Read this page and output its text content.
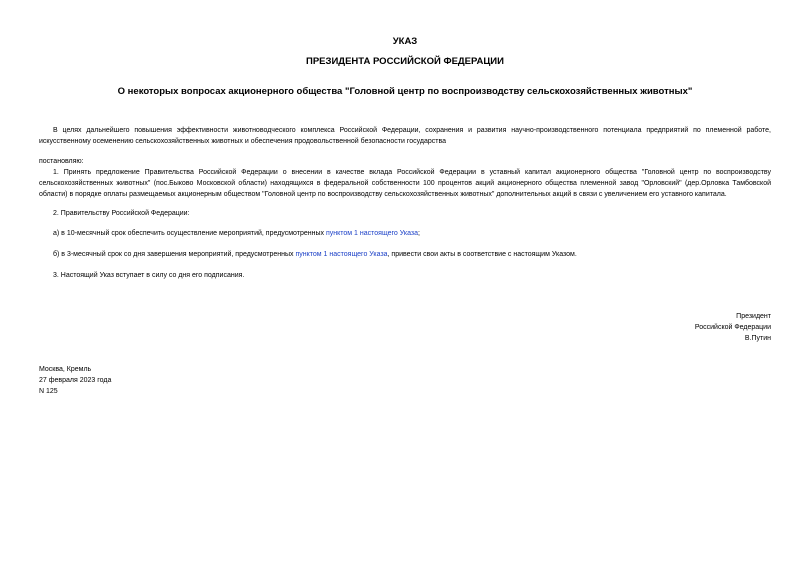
УКАЗ
ПРЕЗИДЕНТА РОССИЙСКОЙ ФЕДЕРАЦИИ
О некоторых вопросах акционерного общества "Головной центр по воспроизводству сельскохозяйственных животных"
В целях дальнейшего повышения эффективности животноводческого комплекса Российской Федерации, сохранения и развития научно-производственного потенциала предприятий по племенной работе, искусственному осеменению сельскохозяйственных животных и обеспечения продовольственной безопасности государства
постановляю:
1. Принять предложение Правительства Российской Федерации о внесении в качестве вклада Российской Федерации в уставный капитал акционерного общества "Головной центр по воспроизводству сельскохозяйственных животных" (пос.Быково Московской области) находящихся в федеральной собственности 100 процентов акций акционерного общества племенной завод "Орловский" (дер.Орловка Тамбовской области) в порядке оплаты размещаемых акционерным обществом "Головной центр по воспроизводству сельскохозяйственных животных" дополнительных акций в связи с увеличением его уставного капитала.
2. Правительству Российской Федерации:
а) в 10-месячный срок обеспечить осуществление мероприятий, предусмотренных пунктом 1 настоящего Указа;
б) в 3-месячный срок со дня завершения мероприятий, предусмотренных пунктом 1 настоящего Указа, привести свои акты в соответствие с настоящим Указом.
3. Настоящий Указ вступает в силу со дня его подписания.
Президент
Российской Федерации
В.Путин
Москва, Кремль
27 февраля 2023 года
N 125
